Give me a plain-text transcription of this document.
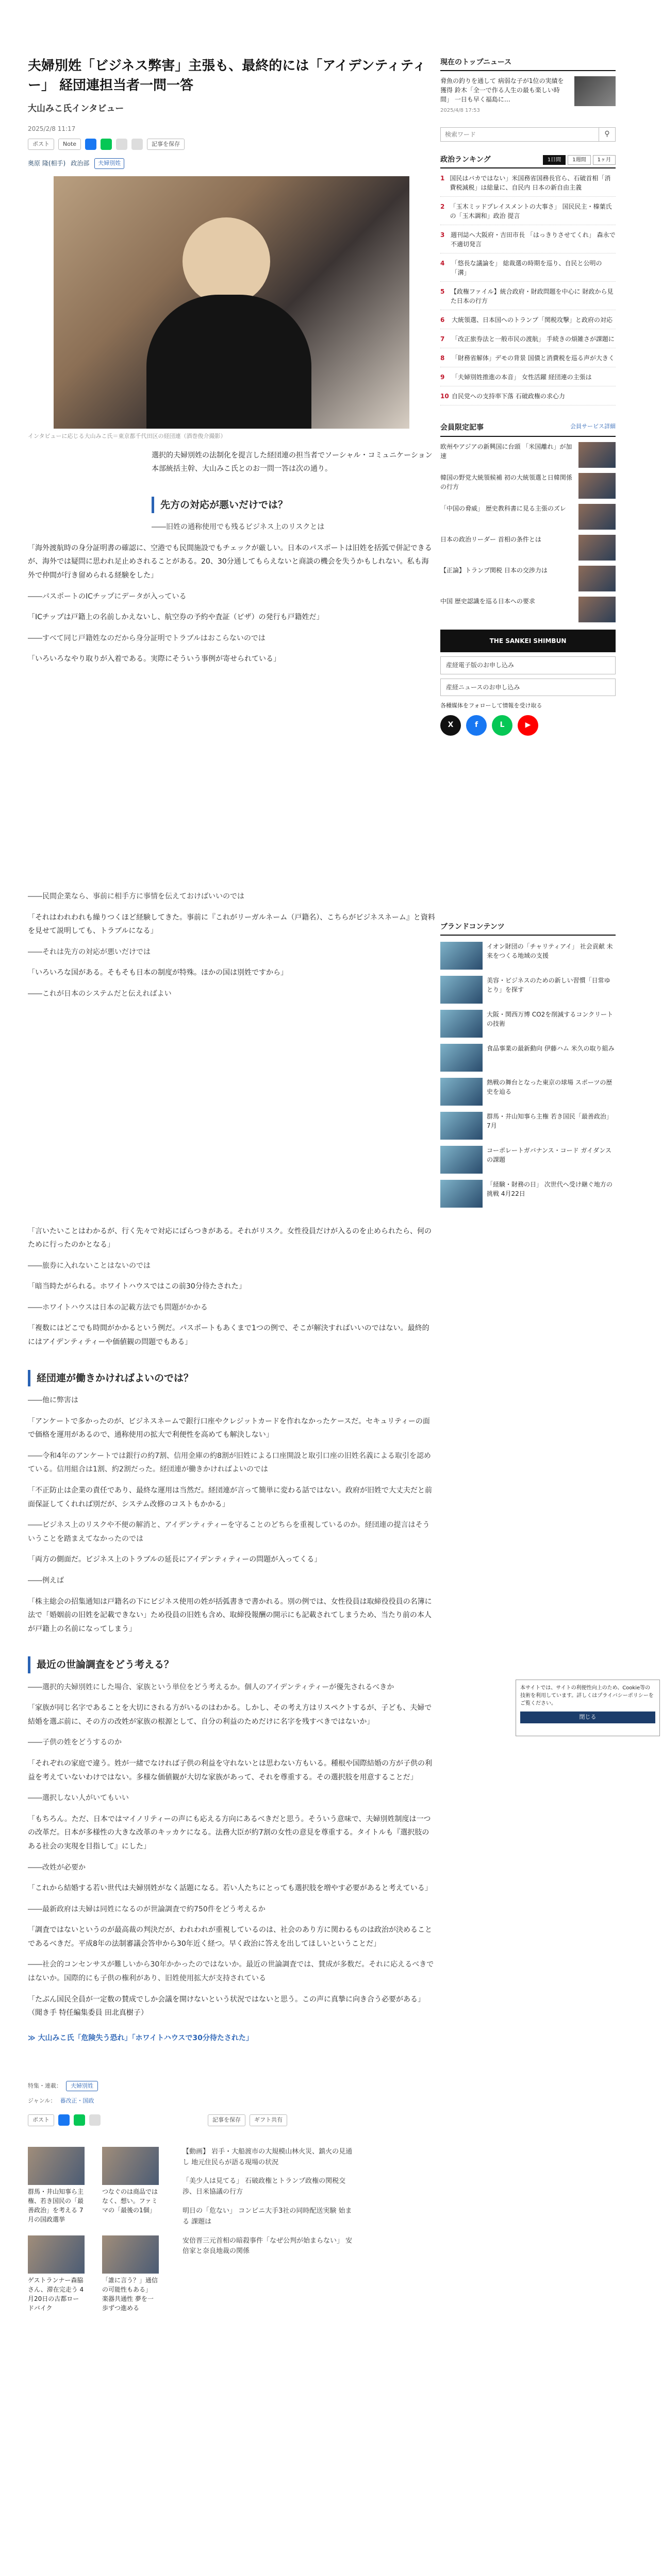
夫婦別姓「ビジネス弊害」主張も、最終的には「アイデンティティー」 経団連担当者一問一答
大山みこ氏インタビュー
2025/2/8 11:17
ポスト	Note	記事を保存
奥原 隆(相手) 政治部	夫婦別姓
インタビューに応じる大山みこ氏＝東京都千代田区の経団連（酒巻俊介撮影）

選択的夫婦別姓の法制化を提言した経団連の担当者でソーシャル・コミュニケーション本部統括主幹、大山みこ氏とのお一問一答は次の通り。

先方の対応が悪いだけでは？

――旧姓の通称使用でも残るビジネス上のリスクとは

「海外渡航時の身分証明書の確認に、空港でも民間施設でもチェックが厳しい。日本のパスポートは旧姓を括弧で併記できるが、海外では疑問に思われ足止めされることがある。20、30分通してもらえないと商談の機会を失うかもしれない。私も海外で仲間が行き留められる経験をした」

――パスポートのICチップにデータが入っている

「ICチップは戸籍上の名前しかえないし、航空券の予約や査証（ビザ）の発行も戸籍姓だ」

――すべて同じ戸籍姓なのだから身分証明でトラブルはおこらないのでは

「いろいろなやり取りが入着である。実際にそういう事例が寄せられている」

――民間企業なら、事前に相手方に事情を伝えておけばいいのでは

「それはわれわれも繰りつくほど経験してきた。事前に『これがリーガルネーム（戸籍名）、こちらがビジネスネーム』と資料を見せて説明しても、トラブルになる」

――それは先方の対応が悪いだけでは

「いろいろな国がある。そもそも日本の制度が特殊。ほかの国は別姓ですから」

――これが日本のシステムだと伝えればよい

「言いたいことはわかるが、行く先々で対応にばらつきがある。それがリスク。女性役員だけが入るのを止められたら、何のために行ったのかとなる」

――旅券に入れないことはないのでは

「暗当時たがられる。ホワイトハウスではこの前30分待たされた」

――ホワイトハウスは日本の記載方法でも問題がかかる

「複数にはどこでも時間がかかるという例だ。パスポートもあくまで1つの例で、そこが解決すればいいのではない。最終的にはアイデンティティーや価値観の問題でもある」

経団連が働きかければよいのでは？

――他に弊害は

「アンケートで多かったのが、ビジネスネームで銀行口座やクレジットカードを作れなかったケースだ。セキュリティーの面で価格を運用があるので、通称使用の拡大で利便性を高めても解決しない」

――令和4年のアンケートでは銀行の約7割、信用金庫の約8割が旧姓による口座開設と取引口座の旧姓名義による取引を認めている。信用組合は1割、約2割だった。経団連が働きかければよいのでは

「不正防止は企業の責任であり、最終な運用は当然だ。経団連が言って簡単に変わる話ではない。政府が旧姓で大丈夫だと前面保証してくれれば別だが、システム改修のコストもかかる」

――ビジネス上のリスクや不便の解消と、アイデンティティーを守ることのどちらを重視しているのか。経団連の提言はそういうことを踏まえてなかったのでは

「両方の側面だ。ビジネス上のトラブルの延長にアイデンティティーの問題が入ってくる」

――例えば

「株主総会の招集通知は戸籍名の下にビジネス使用の姓が括弧書きで書かれる。別の例では、女性役員は取締役役員の名簿に法で「婚姻前の旧姓を記載できない」ため役員の旧姓も含め、取締役報酬の開示にも記載されてしまうため、当たり前の本人が戸籍上の名前になってしまう」

最近の世論調査をどう考える？

――選択的夫婦別姓にした場合、家族という単位をどう考えるか。個人のアイデンティティーが優先されるべきか

「家族が同じ名字であることを大切にされる方がいるのはわかる。しかし、その考え方はリスペクトするが、子ども、夫婦で結婚を選ぶ前に、その方の改姓が家族の根源として、自分の利益のためだけに名字を残すべきではないか」

――子供の姓をどうするのか

「それぞれの家庭で違う。姓が一緒でなければ子供の利益を守れないとは思わない方もいる。種根や国際結婚の方が子供の利益を考えていないわけではない。多様な価値観が大切な家族があって、それを尊重する。その選択肢を用意することだ」

――選択しない人がいてもいい

「もちろん。ただ、日本ではマイノリティーの声にも応える方向にあるべきだと思う。そういう意味で、夫婦別姓制度は一つの改革だ。日本が多様性の大きな改革のキッカケになる。法務大臣が約7割の女性の意見を尊重する。タイトルも『選択肢のある社会の実現を目指して』にした」

――改姓が必要か

「これから結婚する若い世代は夫婦別姓がなく話題になる。若い人たちにとっても選択肢を増やす必要があると考えている」

――最新政府は夫婦は同姓になるのが世論調査で約750件をどう考えるか

「調査ではないというのが最高裁の判決だが、われわれが重視しているのは、社会のあり方に関わるものは政治が決めることであるべきだ。平成8年の法制審議会答申から30年近く経つ。早く政治に答えを出してほしいということだ」

――社会的コンセンサスが難しいから30年かかったのではないか。最近の世論調査では、賛成が多数だ。それに応えるべきではないか。国際的にも子供の権利があり、旧姓使用拡大が支持されている

「たぶん国民全員が一定数の賛成でしか会議を開けないという状況ではないと思う。この声に真摯に向き合う必要がある」（聞き手 特任編集委員 田北真樹子）

≫ 大山みこ氏「危険失う恐れ」「ホワイトハウスで30分待たされた」
特集・連載：	夫婦別姓
ジャンル： 暮改正・国政
ポスト	記事を保存	ギフト共有
群馬・井山知事ら主権、若き国民の「最善政治」を考える 7月の国政選挙
つなぐのは商品ではなく、想い。ファミマの「最後の1個」
ゲストランナー森脇さん、滞在完走う 4月20日の古都ロードバイク
「誰に言う？」通信の可能性もある」 楽器共通性 夢を一歩ずつ進める
【動画】 岩手・大船渡市の大規模山林火災、鎮火の見通し 地元住民らが語る現場の状況
「美少人は見てる」 石破政権とトランプ政権の関税交渉、日米協議の行方
明日の「危ない」 コンビニ大手3社の同時配送実験 始まる 課題は
安倍晋三元首相の暗殺事件「なぜ公判が始まらない」 安倍家と奈良地裁の関係
現在のトップニュース
脅魚の釣りを通して 病弱な子が1位の実績を獲得 鈴木「全一で作る人生の最も楽しい時間」 一日も早く福島に…
2025/4/8 17:53
検索ワード
⚲
政治ランキング	1日間	1週間	1ヶ月
1 国民はバカではない」米国務省国務長官ら、石破首相「消費税減税」は総量に、自民内 日本の新自由主義
2 「玉木ミッドプレイスメントの大事さ」 国民民主・榛葉氏の「玉木調和」政治 提言
3 週刊誌へ大阪府・吉田市長 「はっきりさせてくれ」 森永で 不適切発言
4 「悠長な議論を」 総裁選の時期を巡り、自民と公明の「溝」
5 【政権ファイル】統合政府・財政問題を中心に 財政から見た日本の行方
6	大統領選、日本国へのトランプ「関税攻撃」と政府の対応
7	「改正旅券法と一般市民の渡航」 手続きの煩雑さが課題に
8	「財務省解体」デモの背景 国債と消費税を巡る声が大きく
9	「夫婦別姓推進の本音」 女性活躍 経団連の主張は
10 自民党への支持率下落 石破政権の求心力
会員限定記事	会員サービス詳細
欧州やアジアの新興国に台頭 「米国離れ」が加速
韓国の野党大統領候補 初の大統領選と日韓関係の行方
「中国の脅威」 歴史教科書に見る主張のズレ
日本の政治リーダー 首相の条件とは
【正論】トランプ関税 日本の交渉力は
中国 歴史認識を巡る日本への要求
THE SANKEI SHIMBUN
産経電子版のお申し込み
産経ニュースのお申し込み
各種媒体をフォローして情報を受け取る
X	f	L	▶
ブランドコンテンツ
イオン財団の「チャリティアイ」 社会貢献 未来をつくる地域の支援
美容・ビジネスのための新しい習慣「日常ゆとり」を探す
大阪・関西万博 CO2を削減するコンクリートの技術
食品事業の最新動向 伊藤ハム 米久の取り組み
熱戦の舞台となった東京の球場 スポーツの歴史を辿る
群馬・井山知事ら主権 若き国民「最善政治」 7月
コーポレートガバナンス・コード ガイダンスの課題
「経験・財務の日」 次世代へ受け継ぐ地方の挑戦 4月22日
本サイトでは、サイトの利便性向上のため、Cookie等の技術を利用しています。詳しくはプライバシーポリシーをご覧ください。
閉じる
